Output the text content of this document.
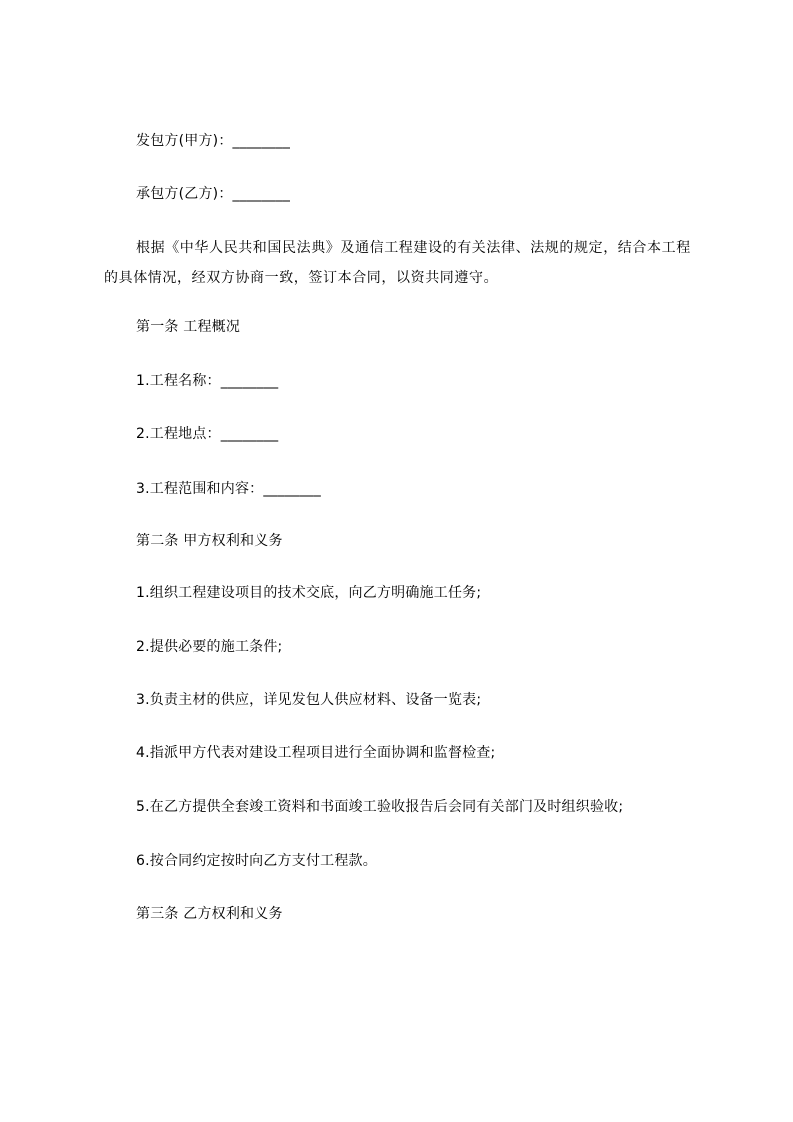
发包方(甲方)：________
承包方(乙方)：________
根据《中华人民共和国民法典》及通信工程建设的有关法律、法规的规定，结合本工程的具体情况，经双方协商一致，签订本合同，以资共同遵守。
第一条 工程概况
1.工程名称：________
2.工程地点：________
3.工程范围和内容：________
第二条 甲方权利和义务
1.组织工程建设项目的技术交底，向乙方明确施工任务;
2.提供必要的施工条件;
3.负责主材的供应，详见发包人供应材料、设备一览表;
4.指派甲方代表对建设工程项目进行全面协调和监督检查;
5.在乙方提供全套竣工资料和书面竣工验收报告后会同有关部门及时组织验收;
6.按合同约定按时向乙方支付工程款。
第三条 乙方权利和义务
